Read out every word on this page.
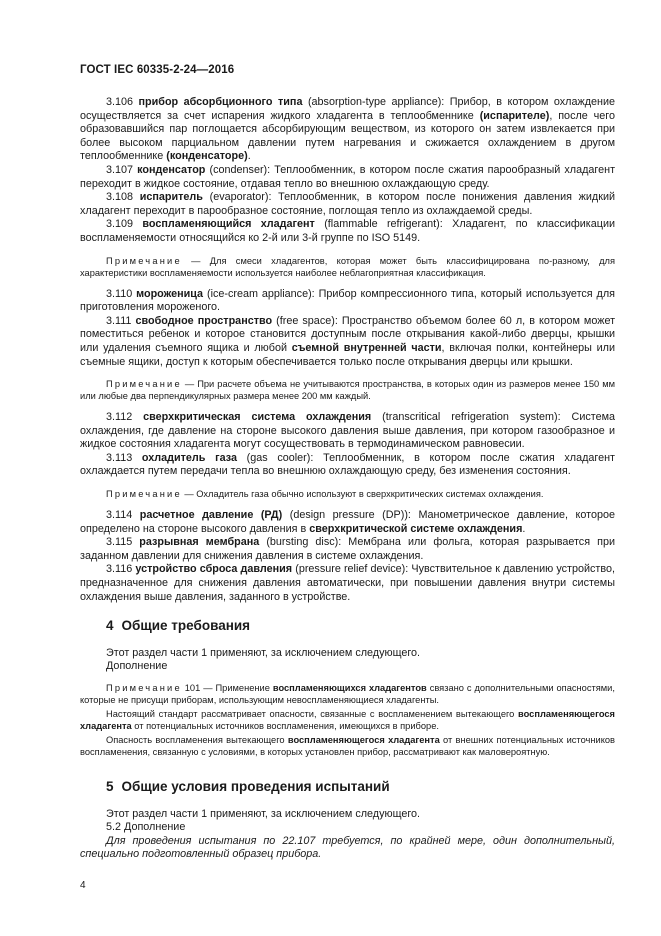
ГОСТ IEC 60335-2-24—2016

3.106 прибор абсорбционного типа (absorption-type appliance): Прибор, в котором охлаждение осуществляется за счет испарения жидкого хладагента в теплообменнике (испарителе), после чего образовавшийся пар поглощается абсорбирующим веществом, из которого он затем извлекается при более высоком парциальном давлении путем нагревания и сжижается охлаждением в другом теплообменнике (конденсаторе).

3.107 конденсатор (condenser): Теплообменник, в котором после сжатия парообразный хладагент переходит в жидкое состояние, отдавая тепло во внешнюю охлаждающую среду.

3.108 испаритель (evaporator): Теплообменник, в котором после понижения давления жидкий хладагент переходит в парообразное состояние, поглощая тепло из охлаждаемой среды.

3.109 воспламеняющийся хладагент (flammable refrigerant): Хладагент, по классификации воспламеняемости относящийся ко 2-й или 3-й группе по ISO 5149.

Примечание — Для смеси хладагентов, которая может быть классифицирована по-разному, для характеристики воспламеняемости используется наиболее неблагоприятная классификация.

3.110 мороженица (ice-cream appliance): Прибор компрессионного типа, который используется для приготовления мороженого.

3.111 свободное пространство (free space): Пространство объемом более 60 л, в котором может поместиться ребенок и которое становится доступным после открывания какой-либо дверцы, крышки или удаления съемного ящика и любой съемной внутренней части, включая полки, контейнеры или съемные ящики, доступ к которым обеспечивается только после открывания дверцы или крышки.

Примечание — При расчете объема не учитываются пространства, в которых один из размеров менее 150 мм или любые два перпендикулярных размера менее 200 мм каждый.

3.112 сверхкритическая система охлаждения (transcritical refrigeration system): Система охлаждения, где давление на стороне высокого давления выше давления, при котором газообразное и жидкое состояния хладагента могут сосуществовать в термодинамическом равновесии.

3.113 охладитель газа (gas cooler): Теплообменник, в котором после сжатия хладагент охлаждается путем передачи тепла во внешнюю охлаждающую среду, без изменения состояния.

Примечание — Охладитель газа обычно используют в сверхкритических системах охлаждения.

3.114 расчетное давление (РД) (design pressure (DP)): Манометрическое давление, которое определено на стороне высокого давления в сверхкритической системе охлаждения.

3.115 разрывная мембрана (bursting disc): Мембрана или фольга, которая разрывается при заданном давлении для снижения давления в системе охлаждения.

3.116 устройство сброса давления (pressure relief device): Чувствительное к давлению устройство, предназначенное для снижения давления автоматически, при повышении давления внутри системы охлаждения выше давления, заданного в устройстве.

4 Общие требования

Этот раздел части 1 применяют, за исключением следующего.

Дополнение

Примечание 101 — Применение воспламеняющихся хладагентов связано с дополнительными опасностями, которые не присущи приборам, использующим невоспламеняющиеся хладагенты.

Настоящий стандарт рассматривает опасности, связанные с воспламенением вытекающего воспламеняющегося хладагента от потенциальных источников воспламенения, имеющихся в приборе.

Опасность воспламенения вытекающего воспламеняющегося хладагента от внешних потенциальных источников воспламенения, связанную с условиями, в которых установлен прибор, рассматривают как маловероятную.

5 Общие условия проведения испытаний

Этот раздел части 1 применяют, за исключением следующего.

5.2 Дополнение

Для проведения испытания по 22.107 требуется, по крайней мере, один дополнительный, специально подготовленный образец прибора.

4
